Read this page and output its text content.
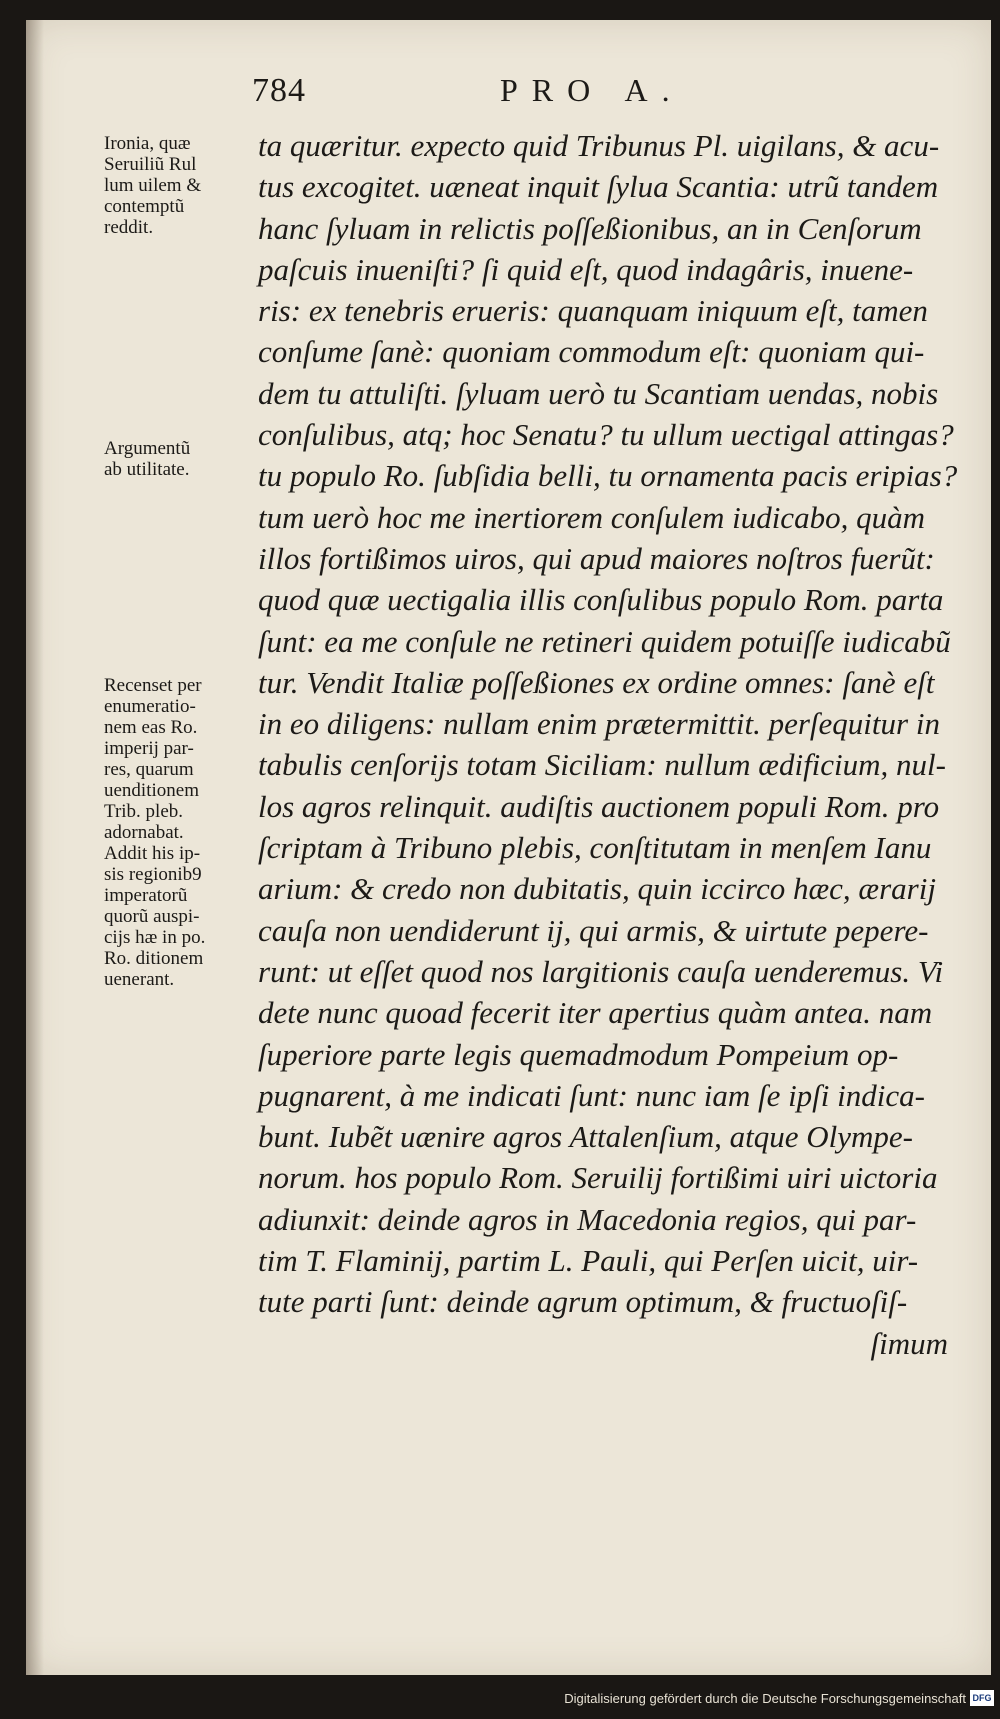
784	PRO A.

Ironia, quæ
Seruiliũ Rul
lum uilem &
contemptũ
reddit.

Argumentũ
ab utilitate.

Recenset per
enumeratio-
nem eas Ro.
imperij par-
res, quarum
uenditionem
Trib. pleb.
adornabat.
Addit his ip-
sis regionib9
imperatorũ
quorũ auspi-
cijs hæ in po.
Ro. ditionem
uenerant.

ta quæritur. expecto quid Tribunus Pl. uigilans, & acu-
tus excogitet. uæneat inquit ſylua Scantia: utrũ tandem
hanc ſyluam in relictis poſſeßionibus, an in Cenſorum
paſcuis inueniſti? ſi quid eſt, quod indagâris, inuene-
ris: ex tenebris erueris: quanquam iniquum eſt, tamen
conſume ſanè: quoniam commodum eſt: quoniam qui-
dem tu attuliſti. ſyluam uerò tu Scantiam uendas, nobis
conſulibus, atq; hoc Senatu? tu ullum uectigal attingas?
tu populo Ro. ſubſidia belli, tu ornamenta pacis eripias?
tum uerò hoc me inertiorem conſulem iudicabo, quàm
illos fortißimos uiros, qui apud maiores noſtros fuerũt:
quod quæ uectigalia illis conſulibus populo Rom. parta
ſunt: ea me conſule ne retineri quidem potuiſſe iudicabũ
tur. Vendit Italiæ poſſeßiones ex ordine omnes: ſanè eſt
in eo diligens: nullam enim prætermittit. perſequitur in
tabulis cenſorijs totam Siciliam: nullum ædificium, nul-
los agros relinquit. audiſtis auctionem populi Rom. pro
ſcriptam à Tribuno plebis, conſtitutam in menſem Ianu
arium: & credo non dubitatis, quin iccirco hæc, ærarij
cauſa non uendiderunt ij, qui armis, & uirtute pepere-
runt: ut eſſet quod nos largitionis cauſa uenderemus. Vi
dete nunc quoad fecerit iter apertius quàm antea. nam
ſuperiore parte legis quemadmodum Pompeium op-
pugnarent, à me indicati ſunt: nunc iam ſe ipſi indica-
bunt. Iubẽt uænire agros Attalenſium, atque Olympe-
norum. hos populo Rom. Seruilij fortißimi uiri uictoria
adiunxit: deinde agros in Macedonia regios, qui par-
tim T. Flaminij, partim L. Pauli, qui Perſen uicit, uir-
tute parti ſunt: deinde agrum optimum, & fructuoſiſ-
ſimum
Digitalisierung gefördert durch die Deutsche Forschungsgemeinschaft DFG
